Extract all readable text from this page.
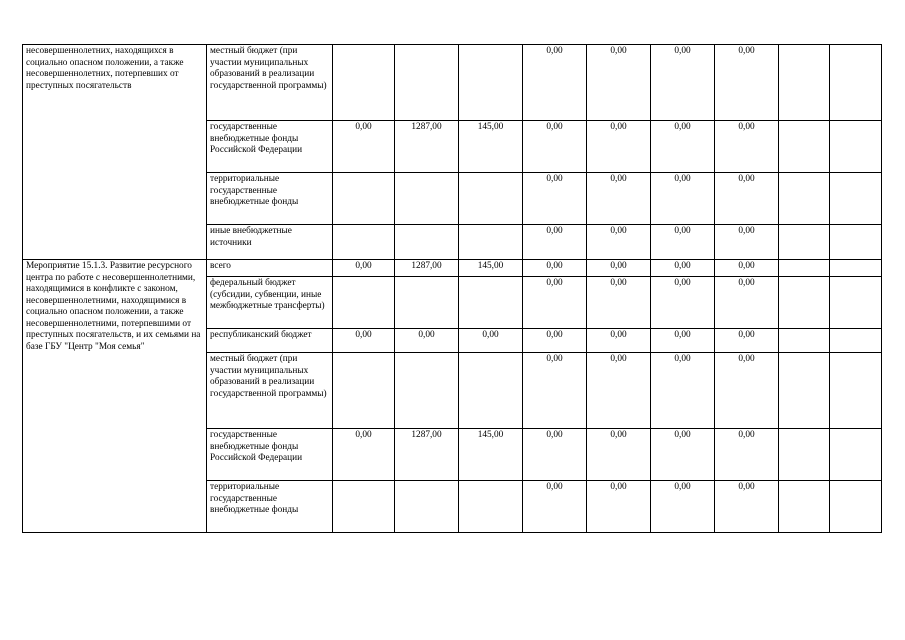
несовершеннолетних, находящихся в социально опасном положении, а также несовершеннолетних, потерпевших от преступных посягательств	местный бюджет (при участии муниципальных образований в реализации государственной программы)				0,00	0,00	0,00	0,00		
	государственные внебюджетные фонды Российской Федерации	0,00	1287,00	145,00	0,00	0,00	0,00	0,00		
	территориальные государственные внебюджетные фонды				0,00	0,00	0,00	0,00		
	иные внебюджетные источники				0,00	0,00	0,00	0,00		
Мероприятие 15.1.3. Развитие ресурсного центра по работе с несовершеннолетними, находящимися в конфликте с законом, несовершеннолетними, находящимися в социально опасном положении, а также несовершеннолетними, потерпевшими от преступных посягательств, и их семьями на базе ГБУ "Центр "Моя семья"	всего	0,00	1287,00	145,00	0,00	0,00	0,00	0,00		
	федеральный бюджет (субсидии, субвенции, иные межбюджетные трансферты)				0,00	0,00	0,00	0,00		
	республиканский бюджет	0,00	0,00	0,00	0,00	0,00	0,00	0,00		
	местный бюджет (при участии муниципальных образований в реализации государственной программы)				0,00	0,00	0,00	0,00		
	государственные внебюджетные фонды Российской Федерации	0,00	1287,00	145,00	0,00	0,00	0,00	0,00		
	территориальные государственные внебюджетные фонды				0,00	0,00	0,00	0,00		
